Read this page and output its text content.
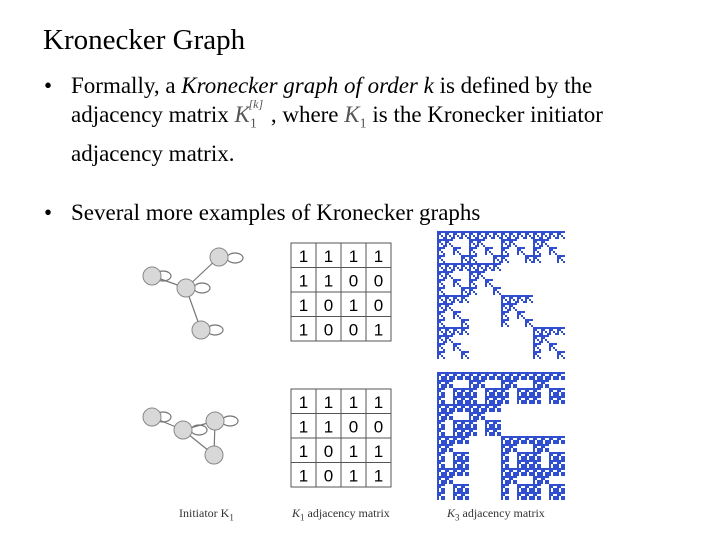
Kronecker Graph
• Formally, a Kronecker graph of order k is defined by the
adjacency matrix $K_1$
[k] , where $K_1$ is the Kronecker initiator
adjacency matrix.
• Several more examples of Kronecker graphs
1 1 1 1
1 1 0 0
1 0 1 0
1 0 0 1
1 1 1 1
1 1 0 0
1 0 1 1
1 0 1 1
Initiator $K_1$	$K_1$ adjacency matrix	$K_3$ adjacency matrix
